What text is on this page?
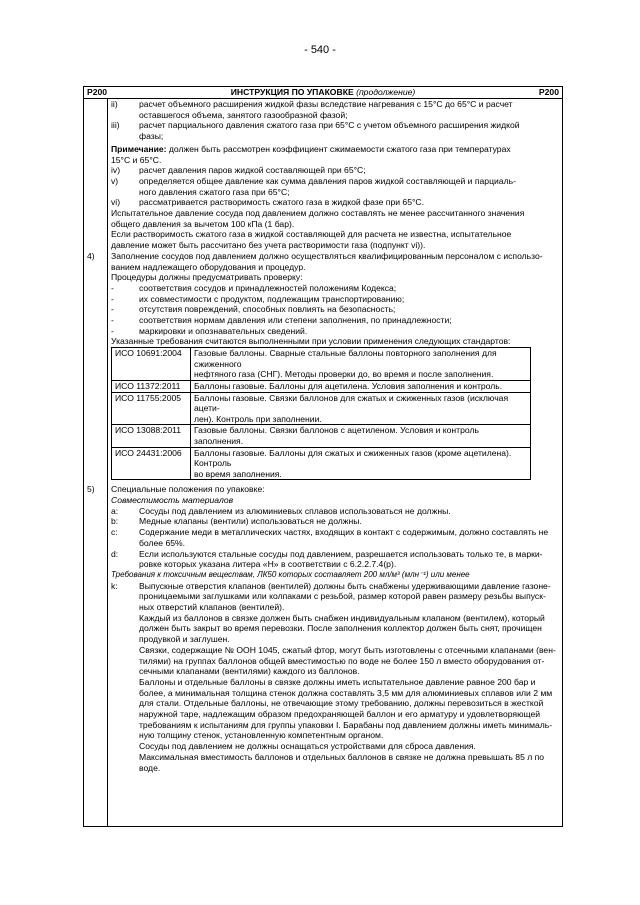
- 540 -
P200	ИНСТРУКЦИЯ ПО УПАКОВКЕ (продолжение)	P200
ii) расчет объемного расширения жидкой фазы вследствие нагревания с 15°С до 65°С и расчет
оставшегося объема, занятого газообразной фазой;
iii) расчет парциального давления сжатого газа при 65°С с учетом объемного расширения жидкой
фазы;
Примечание: должен быть рассмотрен коэффициент сжимаемости сжатого газа при температурах
15°С и 65°С.
iv) расчет давления паров жидкой составляющей при 65°С;
v) определяется общее давление как сумма давления паров жидкой составляющей и парциаль-
ного давления сжатого газа при 65°С;
vi) рассматривается растворимость сжатого газа в жидкой фазе при 65°С.
Испытательное давление сосуда под давлением должно составлять не менее рассчитанного значения
общего давления за вычетом 100 кПа (1 бар).
Если растворимость сжатого газа в жидкой составляющей для расчета не известна, испытательное
давление может быть рассчитано без учета растворимости газа (подпункт vi)).
4) Заполнение сосудов под давлением должно осуществляться квалифицированным персоналом с использо-
ванием надлежащего оборудования и процедур.
Процедуры должны предусматривать проверку:
-	соответствия сосудов и принадлежностей положениям Кодекса;
-	их совместимости с продуктом, подлежащим транспортированию;
-	отсутствия повреждений, способных повлиять на безопасность;
-	соответствия нормам давления или степени заполнения, по принадлежности;
-	маркировки и опознавательных сведений.
Указанные требования считаются выполненными при условии применения следующих стандартов:
ИСО 10691:2004	Газовые баллоны. Сварные стальные баллоны повторного заполнения для сжиженного
нефтяного газа (СНГ). Методы проверки до, во время и после заполнения.

ИСО 11372:2011	Баллоны газовые. Баллоны для ацетилена. Условия заполнения и контроль.

ИСО 11755:2005	Баллоны газовые. Связки баллонов для сжатых и сжиженных газов (исключая ацети-
лен). Контроль при заполнении.

ИСО 13088:2011	Газовые баллоны. Связки баллонов с ацетиленом. Условия и контроль заполнения.

ИСО 24431:2006	Баллоны газовые. Баллоны для сжатых и сжиженных газов (кроме ацетилена). Контроль
во время заполнения.
5) Специальные положения по упаковке:
Совместимость материалов
a: Сосуды под давлением из алюминиевых сплавов использоваться не должны.
b: Медные клапаны (вентили) использоваться не должны.
c: Содержание меди в металлических частях, входящих в контакт с содержимым, должно составлять не
более 65%.
d: Если используются стальные сосуды под давлением, разрешается использовать только те, в марки-
ровке которых указана литера «H» в соответствии с 6.2.2.7.4(p).
Требования к токсичным веществам, ЛК50 которых составляет 200 мл/м³ (млн⁻¹) или менее
k: Выпускные отверстия клапанов (вентилей) должны быть снабжены удерживающими давление газоне-
проницаемыми заглушками или колпаками с резьбой, размер которой равен размеру резьбы выпуск-
ных отверстий клапанов (вентилей).
Каждый из баллонов в связке должен быть снабжен индивидуальным клапаном (вентилем), который
должен быть закрыт во время перевозки. После заполнения коллектор должен быть снят, прочищен
продувкой и заглушен.
Связки, содержащие № ООН 1045, сжатый фтор, могут быть изготовлены с отсечными клапанами (вен-
тилями) на группах баллонов общей вместимостью по воде не более 150 л вместо оборудования от-
сечными клапанами (вентилями) каждого из баллонов.
Баллоны и отдельные баллоны в связке должны иметь испытательное давление равное 200 бар и
более, а минимальная толщина стенок должна составлять 3,5 мм для алюминиевых сплавов или 2 мм
для стали. Отдельные баллоны, не отвечающие этому требованию, должны перевозиться в жесткой
наружной таре, надлежащим образом предохраняющей баллон и его арматуру и удовлетворяющей
требованиям к испытаниям для группы упаковки I. Барабаны под давлением должны иметь минималь-
ную толщину стенок, установленную компетентным органом.
Сосуды под давлением не должны оснащаться устройствами для сброса давления.
Максимальная вместимость баллонов и отдельных баллонов в связке не должна превышать 85 л по
воде.
